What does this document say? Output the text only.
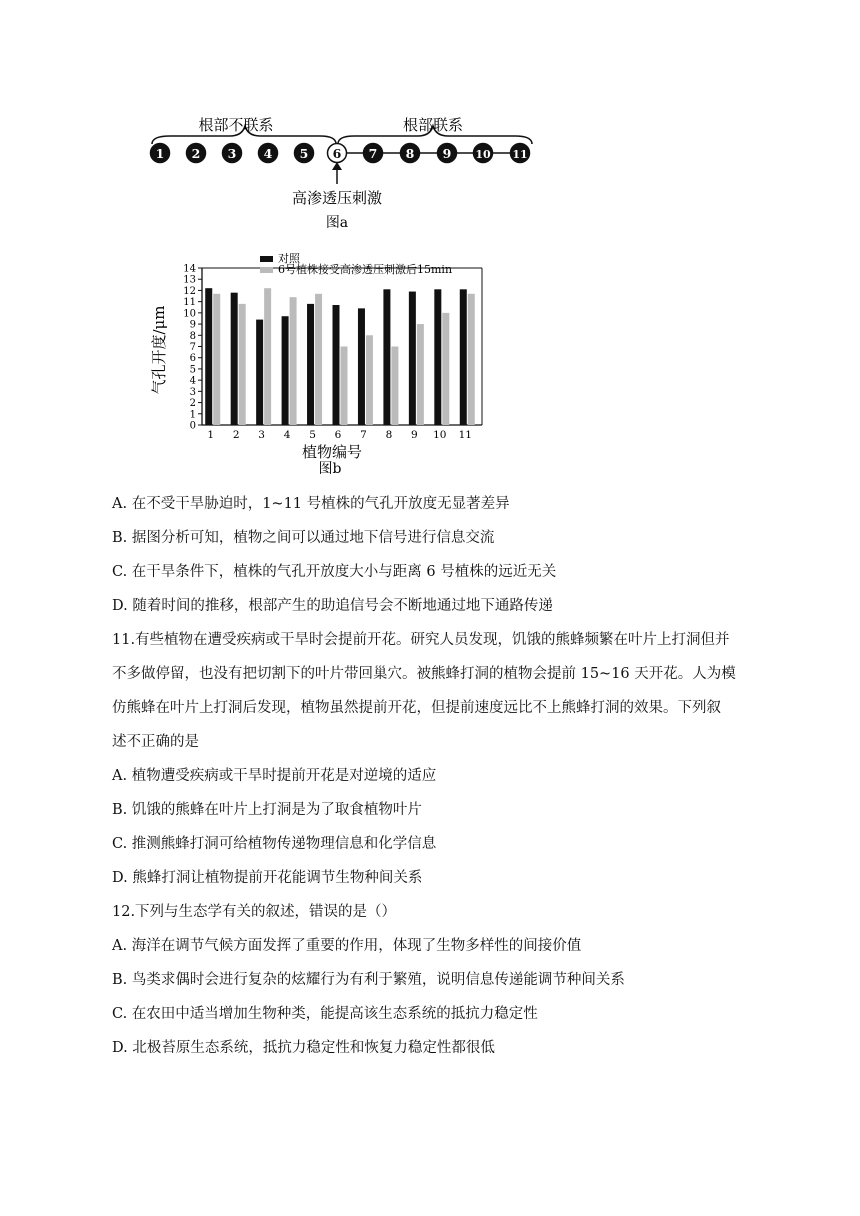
根部不联系	根部联系
1 2 3 4 5 6 7 8 9 10 11
高渗透压刺激
图a
0
1
2
3
4
5
6
7
8
9
10
11
12
13
14
1 2 3 4 5 6 7 8 9 10 11
对照
6号植株接受高渗透压刺激后15min
气孔开度/μm
植物编号
图b
A. 在不受干旱胁迫时，1~11 号植株的气孔开放度无显著差异
B. 据图分析可知，植物之间可以通过地下信号进行信息交流
C. 在干旱条件下，植株的气孔开放度大小与距离 6 号植株的远近无关
D. 随着时间的推移，根部产生的助追信号会不断地通过地下通路传递
11.有些植物在遭受疾病或干旱时会提前开花。研究人员发现，饥饿的熊蜂频繁在叶片上打洞但并
不多做停留，也没有把切割下的叶片带回巢穴。被熊蜂打洞的植物会提前 15~16 天开花。人为模
仿熊蜂在叶片上打洞后发现，植物虽然提前开花，但提前速度远比不上熊蜂打洞的效果。下列叙
述不正确的是
A. 植物遭受疾病或干旱时提前开花是对逆境的适应
B. 饥饿的熊蜂在叶片上打洞是为了取食植物叶片
C. 推测熊蜂打洞可给植物传递物理信息和化学信息
D. 熊蜂打洞让植物提前开花能调节生物种间关系
12.下列与生态学有关的叙述，错误的是（）
A. 海洋在调节气候方面发挥了重要的作用，体现了生物多样性的间接价值
B. 鸟类求偶时会进行复杂的炫耀行为有利于繁殖，说明信息传递能调节种间关系
C. 在农田中适当增加生物种类，能提高该生态系统的抵抗力稳定性
D. 北极苔原生态系统，抵抗力稳定性和恢复力稳定性都很低
